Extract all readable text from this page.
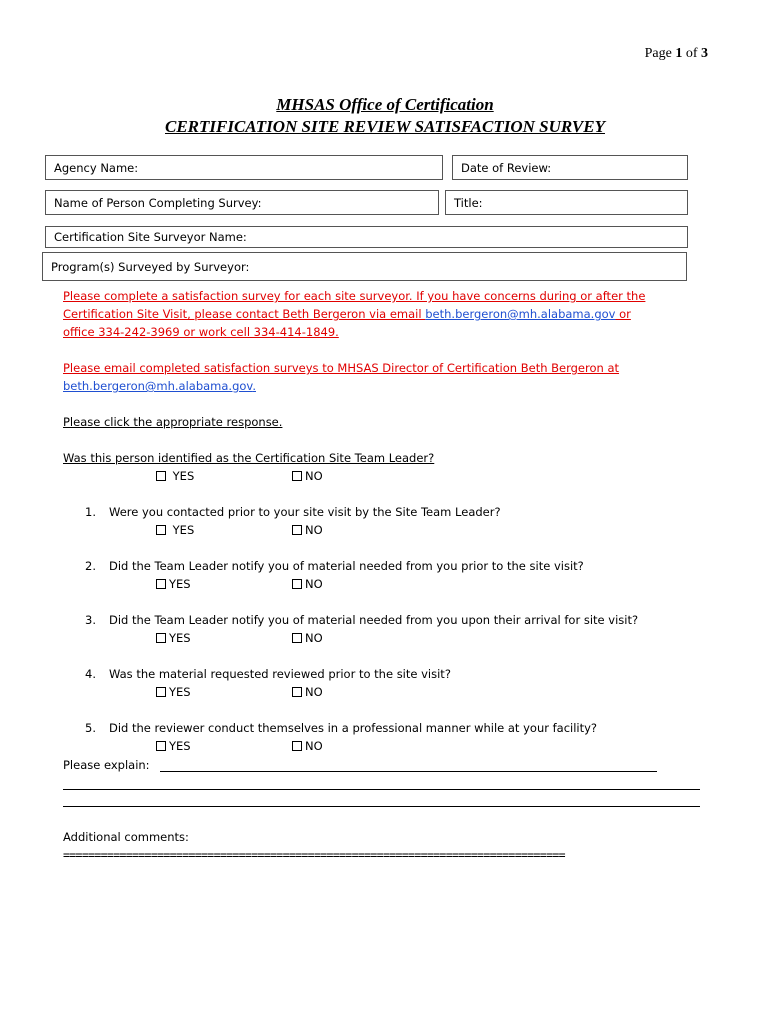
Page 1 of 3
MHSAS Office of Certification
CERTIFICATION SITE REVIEW SATISFACTION SURVEY
Agency Name:	Date of Review:
Name of Person Completing Survey:	Title:
Certification Site Surveyor Name:
Program(s) Surveyed by Surveyor:
Please complete a satisfaction survey for each site surveyor. If you have concerns during or after the
Certification Site Visit, please contact Beth Bergeron via email beth.bergeron@mh.alabama.gov or
office 334-242-3969 or work cell 334-414-1849.
Please email completed satisfaction surveys to MHSAS Director of Certification Beth Bergeron at
beth.bergeron@mh.alabama.gov.
Please click the appropriate response.
Was this person identified as the Certification Site Team Leader?

YES	NO
1. Were you contacted prior to your site visit by the Site Team Leader?

YES	NO
2. Did the Team Leader notify you of material needed from you prior to the site visit?
YES	NO
3. Did the Team Leader notify you of material needed from you upon their arrival for site visit?
YES	NO
4. Was the material requested reviewed prior to the site visit?
YES	NO
5. Did the reviewer conduct themselves in a professional manner while at your facility?
YES	NO
Please explain:
Additional comments:
================================================================================
